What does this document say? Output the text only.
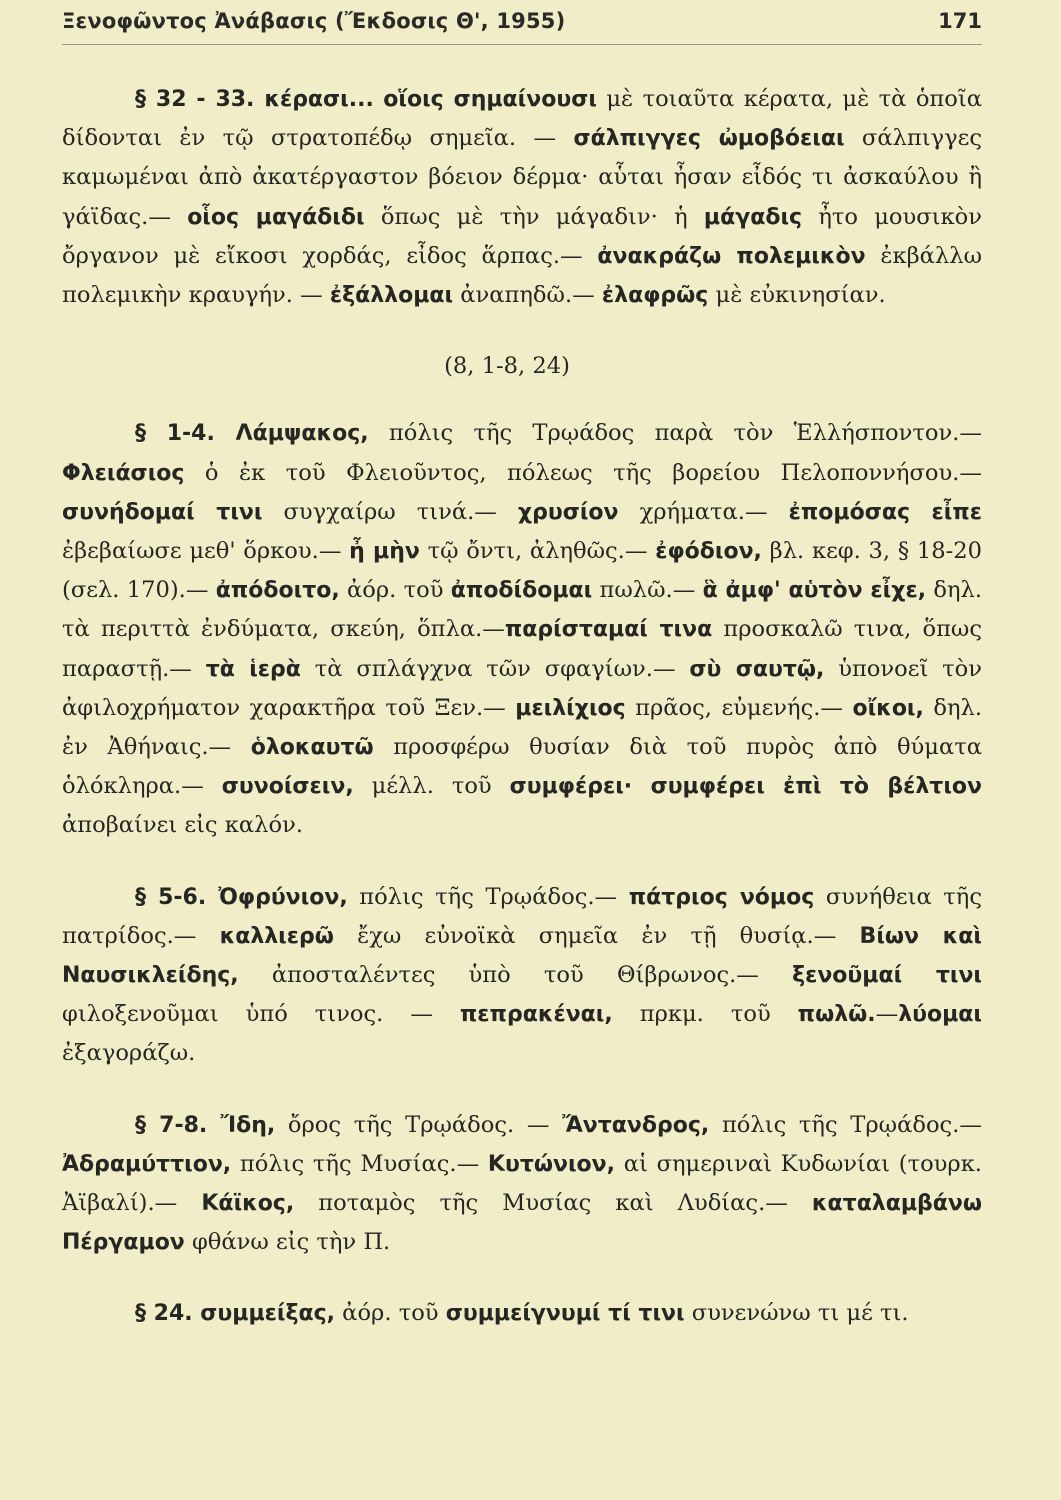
Ξενοφῶντος Ἀνάβασις (Ἔκδοσις Θ', 1955)	171

§ 32 - 33. κέρασι... οἵοις σημαίνουσι μὲ τοιαῦτα κέρατα, μὲ τὰ ὁποῖα δίδονται ἐν τῷ στρατοπέδῳ σημεῖα. — σάλπιγγες ὠμοβόειαι σάλπιγγες καμωμέναι ἀπὸ ἀκατέργαστον βόειον δέρμα· αὗται ἦσαν εἶδός τι ἀσκαύλου ἢ γάϊδας.— οἷος μαγάδιδι ὅπως μὲ τὴν μάγαδιν· ἡ μάγαδις ἦτο μουσικὸν ὄργανον μὲ εἴκοσι χορδάς, εἶδος ἅρπας.— ἀνακράζω πολεμικὸν ἐκβάλλω πολεμικὴν κραυγήν. — ἐξάλλομαι ἀναπηδῶ.— ἐλαφρῶς μὲ εὐκινησίαν.

(8, 1-8, 24)

§ 1-4. Λάμψακος, πόλις τῆς Τρῳάδος παρὰ τὸν Ἑλλήσποντον.— Φλειάσιος ὁ ἐκ τοῦ Φλειοῦντος, πόλεως τῆς βορείου Πελοποννήσου.— συνήδομαί τινι συγχαίρω τινά.— χρυσίον χρήματα.— ἐπομόσας εἶπε ἐβεβαίωσε μεθ' ὅρκου.— ἦ μὴν τῷ ὄντι, ἀληθῶς.— ἐφόδιον, βλ. κεφ. 3, § 18-20 (σελ. 170).— ἀπόδοιτο, ἀόρ. τοῦ ἀποδίδομαι πωλῶ.— ἃ ἀμφ' αὑτὸν εἶχε, δηλ. τὰ περιττὰ ἐνδύματα, σκεύη, ὅπλα.—παρίσταμαί τινα προσκαλῶ τινα, ὅπως παραστῇ.— τὰ ἱερὰ τὰ σπλάγχνα τῶν σφαγίων.— σὺ σαυτῷ, ὑπονοεῖ τὸν ἀφιλοχρήματον χαρακτῆρα τοῦ Ξεν.— μειλίχιος πρᾶος, εὐμενής.— οἴκοι, δηλ. ἐν Ἀθήναις.— ὁλοκαυτῶ προσφέρω θυσίαν διὰ τοῦ πυρὸς ἀπὸ θύματα ὁλόκληρα.— συνοίσειν, μέλλ. τοῦ συμφέρει· συμφέρει ἐπὶ τὸ βέλτιον ἀποβαίνει εἰς καλόν.

§ 5-6. Ὀφρύνιον, πόλις τῆς Τρῳάδος.— πάτριος νόμος συνήθεια τῆς πατρίδος.— καλλιερῶ ἔχω εὐνοϊκὰ σημεῖα ἐν τῇ θυσίᾳ.— Βίων καὶ Ναυσικλείδης, ἀποσταλέντες ὑπὸ τοῦ Θίβρωνος.— ξενοῦμαί τινι φιλοξενοῦμαι ὑπό τινος. — πεπρακέναι, πρκμ. τοῦ πωλῶ.—λύομαι ἐξαγοράζω.

§ 7-8. Ἴδη, ὄρος τῆς Τρῳάδος. — Ἄντανδρος, πόλις τῆς Τρῳάδος.— Ἀδραμύττιον, πόλις τῆς Μυσίας.— Κυτώνιον, αἱ σημεριναὶ Κυδωνίαι (τουρκ. Ἀϊβαλί).— Κάϊκος, ποταμὸς τῆς Μυσίας καὶ Λυδίας.— καταλαμβάνω Πέργαμον φθάνω εἰς τὴν Π.

§ 24. συμμείξας, ἀόρ. τοῦ συμμείγνυμί τί τινι συνενώνω τι μέ τι.
